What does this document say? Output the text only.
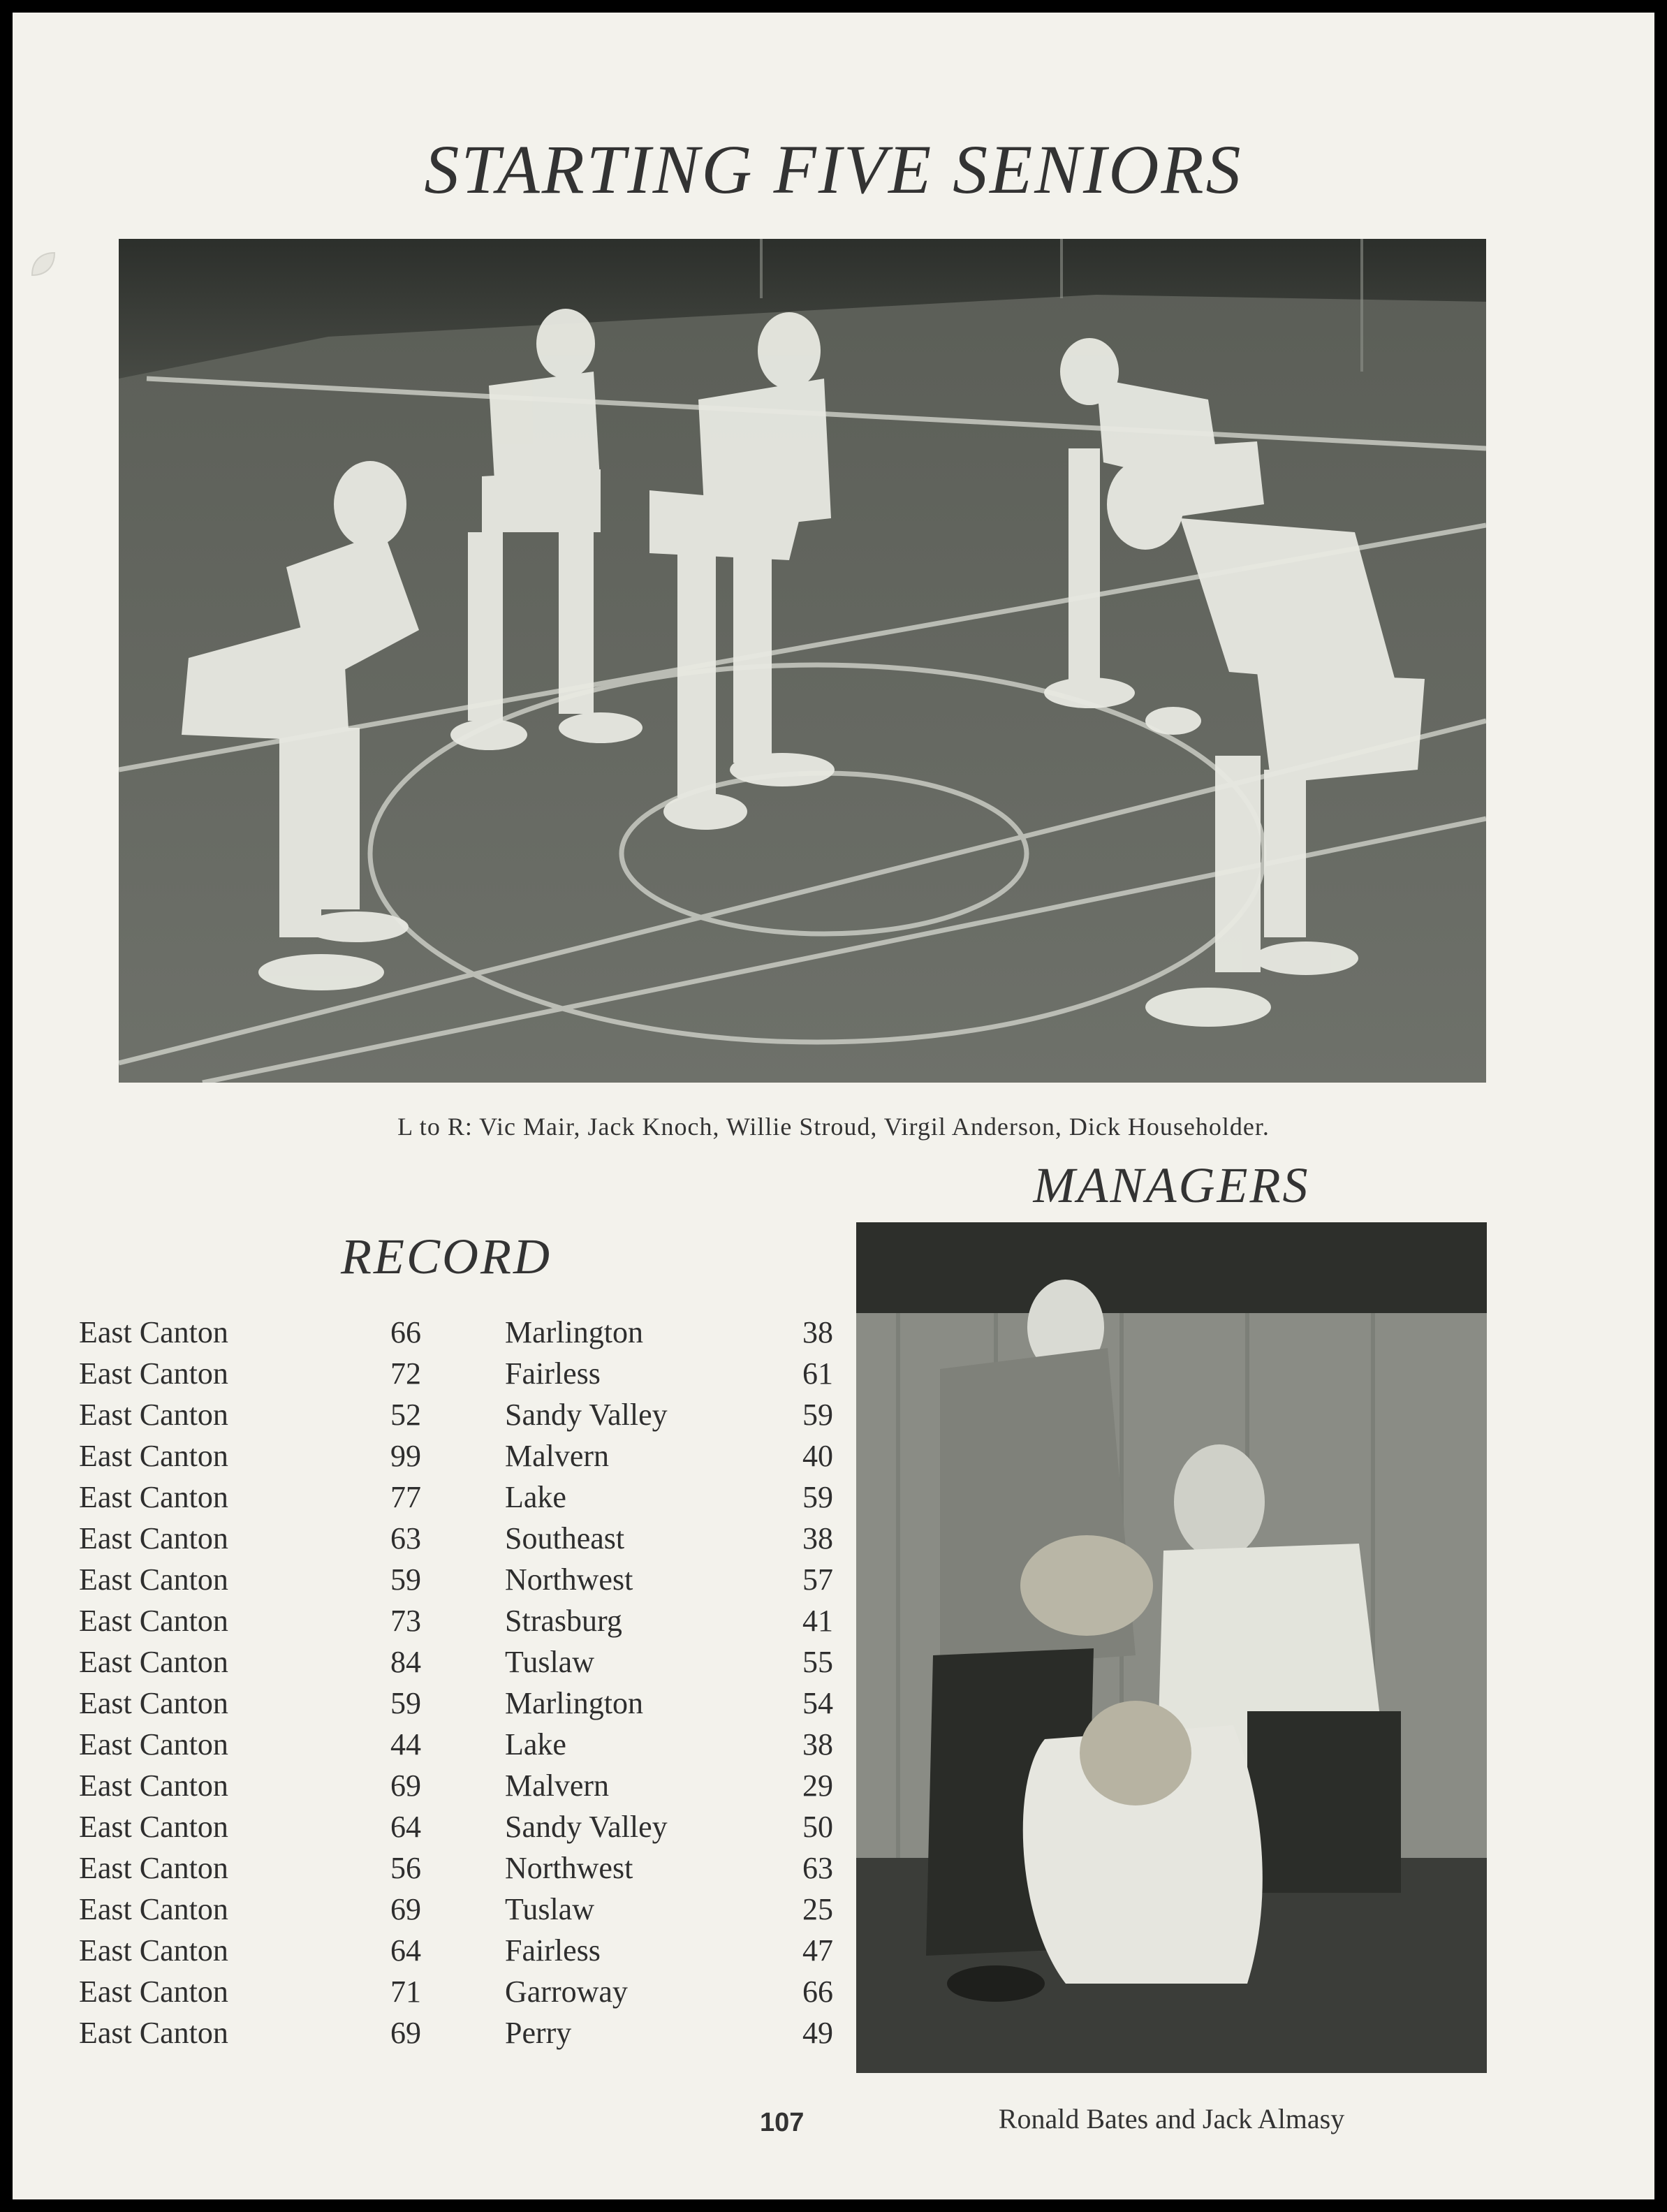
STARTING FIVE SENIORS
L to R: Vic Mair, Jack Knoch, Willie Stroud, Virgil Anderson, Dick Householder.
MANAGERS
RECORD
East Canton	66	Marlington	38
East Canton	72	Fairless	61
East Canton	52	Sandy Valley	59
East Canton	99	Malvern	40
East Canton	77	Lake	59
East Canton	63	Southeast	38
East Canton	59	Northwest	57
East Canton	73	Strasburg	41
East Canton	84	Tuslaw	55
East Canton	59	Marlington	54
East Canton	44	Lake	38
East Canton	69	Malvern	29
East Canton	64	Sandy Valley	50
East Canton	56	Northwest	63
East Canton	69	Tuslaw	25
East Canton	64	Fairless	47
East Canton	71	Garroway	66
East Canton	69	Perry	49
Ronald Bates and Jack Almasy
107
